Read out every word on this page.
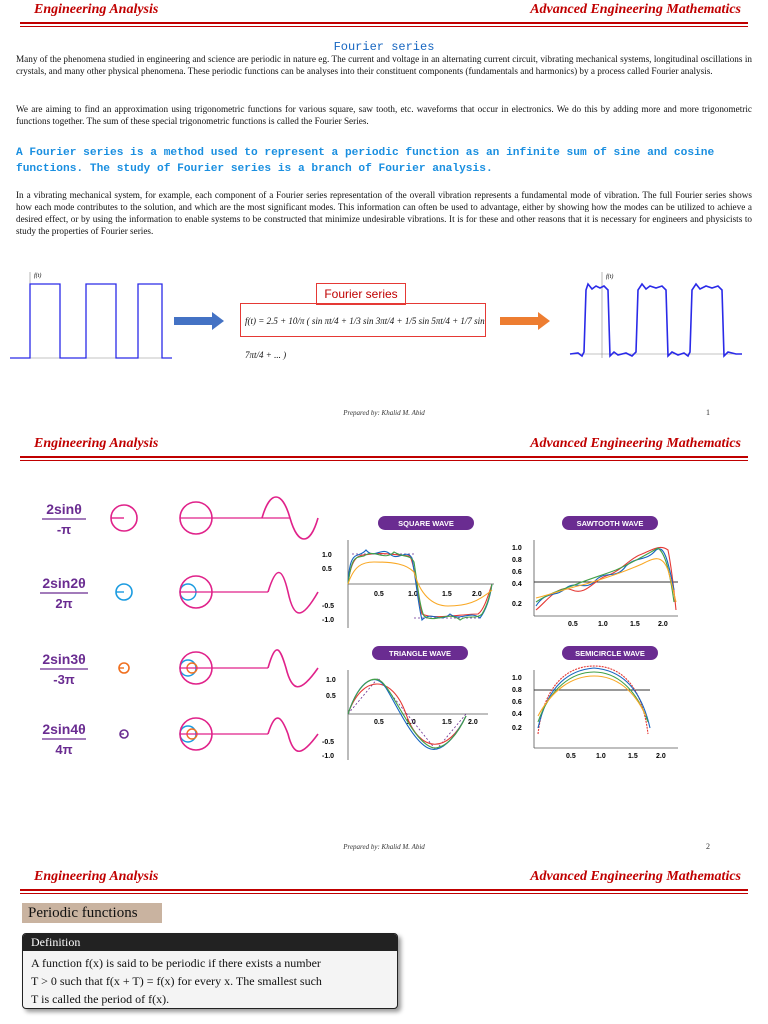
Engineering Analysis	Advanced Engineering Mathematics
Fourier series
Many of the phenomena studied in engineering and science are periodic in nature eg. The current and voltage in an alternating current circuit, vibrating mechanical systems, longitudinal oscillations in crystals, and many other physical phenomena. These periodic functions can be analyses into their constituent components (fundamentals and harmonics) by a process called Fourier analysis.
We are aiming to find an approximation using trigonometric functions for various square, saw tooth, etc. waveforms that occur in electronics. We do this by adding more and more trigonometric functions together. The sum of these special trigonometric functions is called the Fourier Series.
A Fourier series is a method used to represent a periodic function as an infinite sum of sine and cosine functions. The study of Fourier series is a branch of Fourier analysis.
In a vibrating mechanical system, for example, each component of a Fourier series representation of the overall vibration represents a fundamental mode of vibration. The full Fourier series shows how each mode contributes to the solution, and which are the most significant modes. This information can often be used to advantage, either by showing how the modes can be utilized to achieve a desired effect, or by using the information to enable systems to be constructed that minimize undesirable vibrations. It is for these and other reasons that it is necessary for engineers and physicists to study the properties of Fourier series.
f(t)
Fourier series
f(t) = 2.5 + 10/π ( sin πt/4 + 1/3 sin 3πt/4 + 1/5 sin 5πt/4 + 1/7 sin 7πt/4 + ... )
f(t)
Prepared by: Khalid M. Abid	1
Engineering Analysis	Advanced Engineering Mathematics
2sinθ
-π
2sin2θ
2π
2sin3θ
-3π
2sin4θ
4π
SQUARE WAVE
1.0
0.5
-0.5
-1.0
0.5	1.0	1.5	2.0
SAWTOOTH WAVE
1.0
0.8
0.6
0.4
0.2
0.5	1.0	1.5	2.0
TRIANGLE WAVE
1.0
0.5
-0.5
-1.0
0.5	1.0	1.5 2.0
SEMICIRCLE WAVE
1.0
0.8
0.6
0.4
0.2
0.5	1.0	1.5	2.0
Prepared by: Khalid M. Abid	2
Engineering Analysis	Advanced Engineering Mathematics
Periodic functions
Definition
A function f(x) is said to be periodic if there exists a number
T > 0 such that f(x + T) = f(x) for every x. The smallest such
T is called the period of f(x).
